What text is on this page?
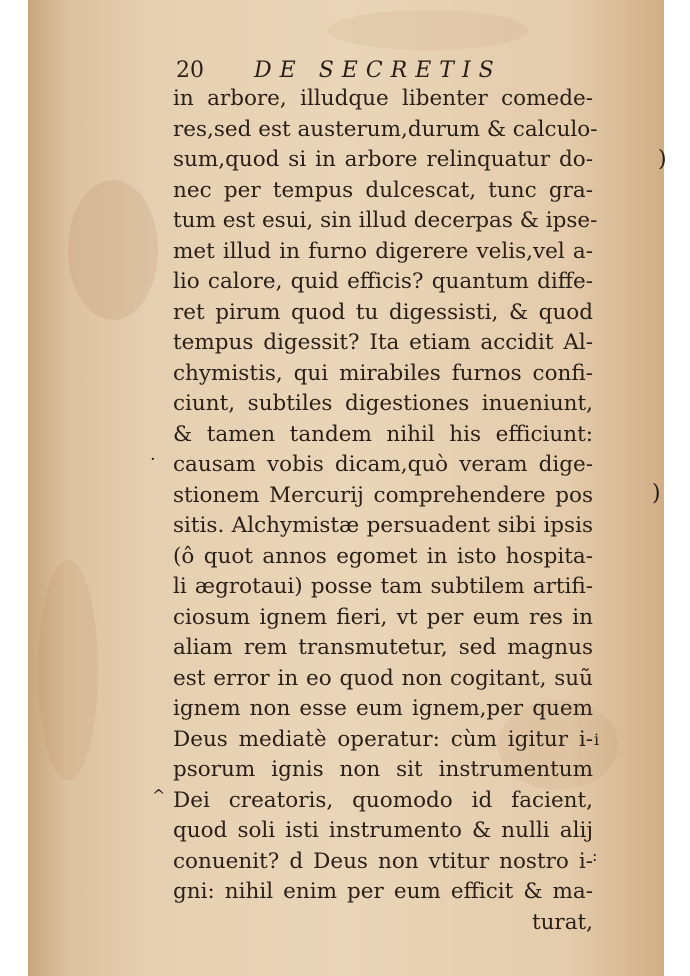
20 DE SECRETIS
in arbore, illudque libenter comede-
res,sed est austerum,durum & calculo-
sum,quod si in arbore relinquatur do-
nec per tempus dulcescat, tunc gra-
tum est esui, sin illud decerpas & ipse-
met illud in furno digerere velis,vel a-
lio calore, quid efficis? quantum diffe-
ret pirum quod tu digessisti, & quod
tempus digessit? Ita etiam accidit Al-
chymistis, qui mirabiles furnos confi-
ciunt, subtiles digestiones inueniunt,
& tamen tandem nihil his efficiunt:
causam vobis dicam,quò veram dige-
stionem Mercurij comprehendere pos
sitis. Alchymistæ persuadent sibi ipsis
(ô quot annos egomet in isto hospita-
li ægrotaui) posse tam subtilem artifi-
ciosum ignem fieri, vt per eum res in
aliam rem transmutetur, sed magnus
est error in eo quod non cogitant, suũ
ignem non esse eum ignem,per quem
Deus mediatè operatur: cùm igitur i-
psorum ignis non sit instrumentum
Dei creatoris, quomodo id facient,
quod soli isti instrumento & nulli alij
conuenit? d Deus non vtitur nostro i-
gni: nihil enim per eum efficit & ma-
turat,
)
)
·
^
i
:
